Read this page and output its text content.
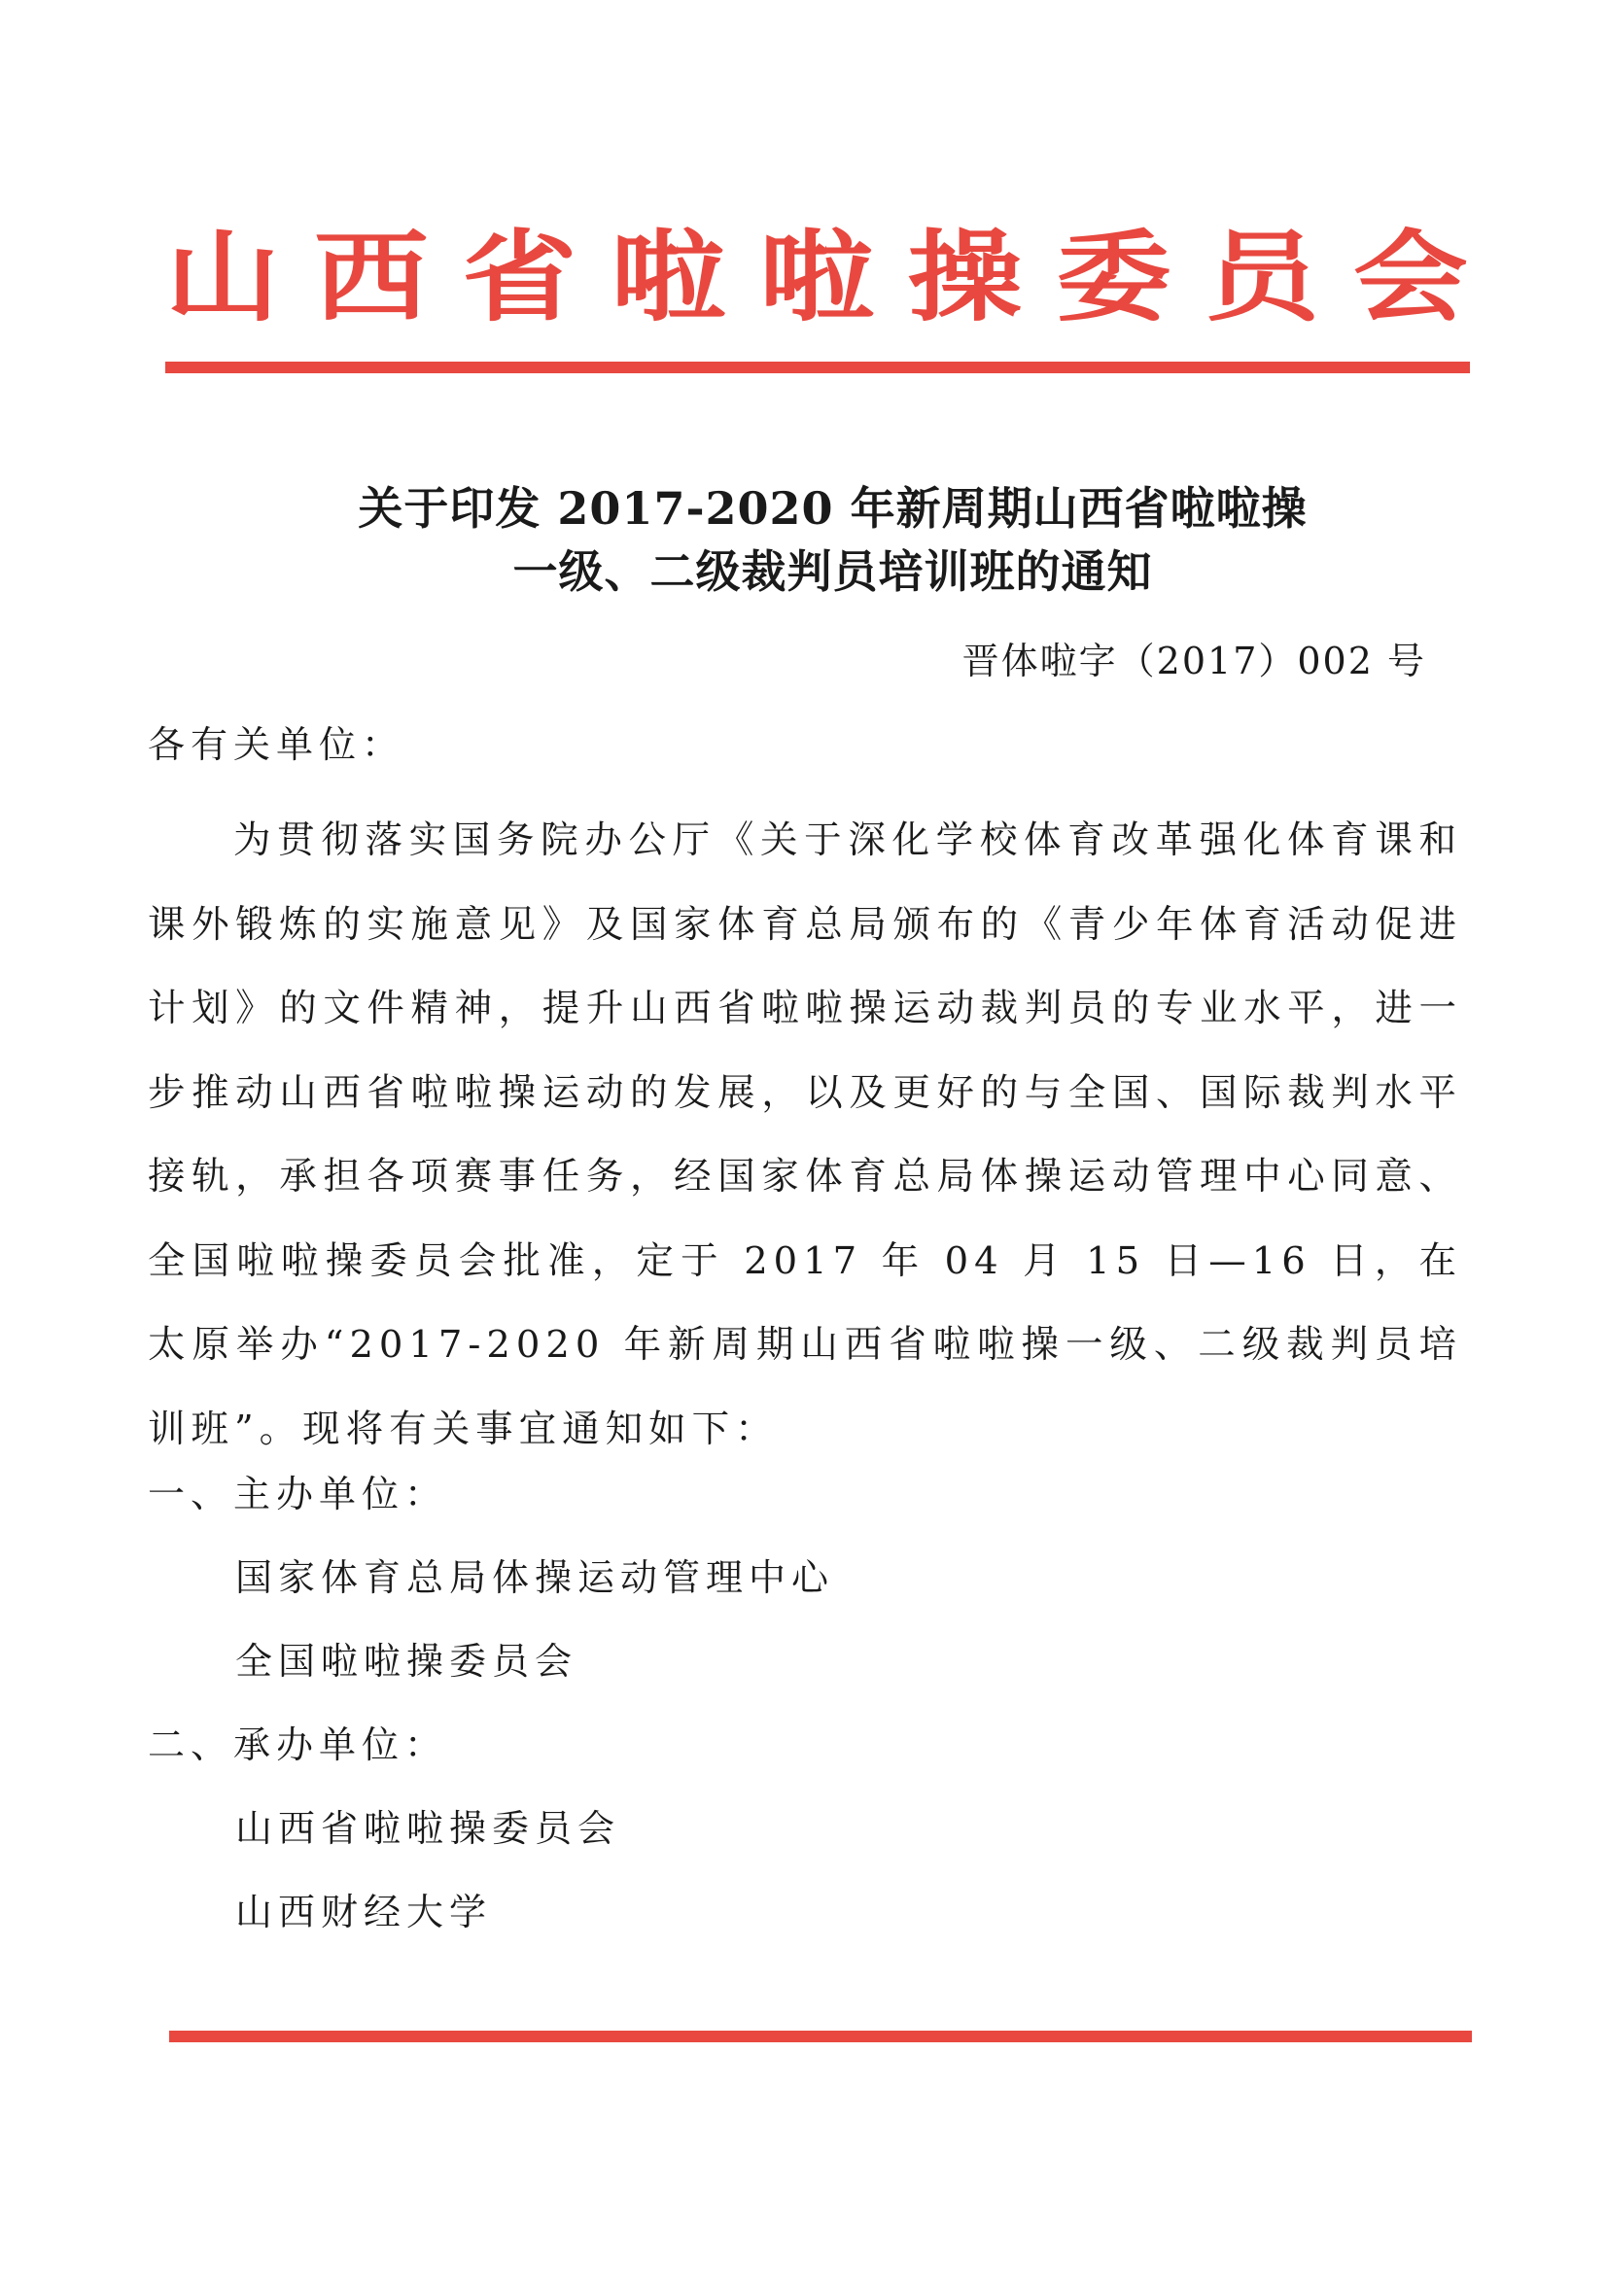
山 西 省 啦 啦 操 委 员 会
关于印发 2017-2020 年新周期山西省啦啦操
一级、二级裁判员培训班的通知
晋体啦字（2017）002 号
各有关单位：

为贯彻落实国务院办公厅《关于深化学校体育改革强化体育课和课外锻炼的实施意见》及国家体育总局颁布的《青少年体育活动促进计划》的文件精神，提升山西省啦啦操运动裁判员的专业水平，进一步推动山西省啦啦操运动的发展，以及更好的与全国、国际裁判水平接轨，承担各项赛事任务，经国家体育总局体操运动管理中心同意、全国啦啦操委员会批准，定于 2017 年 04 月 15 日—16 日，在太原举办“2017-2020 年新周期山西省啦啦操一级、二级裁判员培训班”。现将有关事宜通知如下：

一、主办单位：
国家体育总局体操运动管理中心
全国啦啦操委员会
二、承办单位：
山西省啦啦操委员会
山西财经大学
